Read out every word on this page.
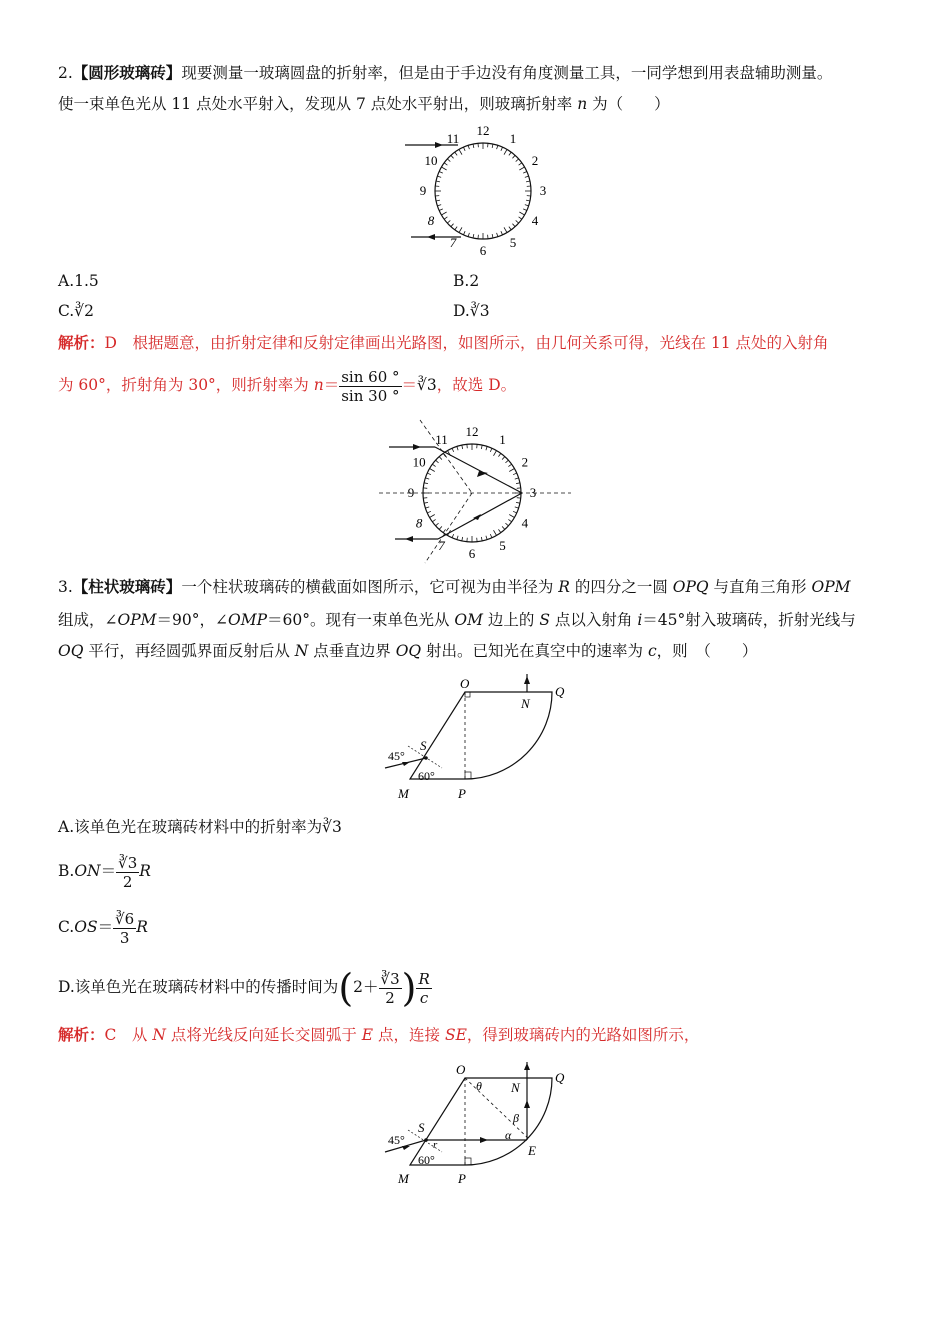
2.【圆形玻璃砖】现要测量一玻璃圆盘的折射率，但是由于手边没有角度测量工具，一同学想到用表盘辅助测量。
使一束单色光从 11 点处水平射入，发现从 7 点处水平射出，则玻璃折射率 n 为（　　）
12
1
2
3
4
5
6
7
8
9
10
11
A.1.5	B.2
C.∛2	D.∛3
解析：D　 根据题意，由折射定律和反射定律画出光路图，如图所示，由几何关系可得，光线在 11 点处的入射角
为 60°，折射角为 30°，则折射率为 $n= \frac{\sin 60 ^\circ}{\sin 30 ^\circ}$ ＝∛3，故选 D。
12
1
2
3
4
5
6
7
8
9
10
11
3.【柱状玻璃砖】一个柱状玻璃砖的横截面如图所示，它可视为由半径为 R 的四分之一圆 OPQ 与直角三角形 OPM
组成，∠OPM＝90°，∠OMP＝60°。现有一束单色光从 OM 边上的 S 点以入射角 i＝45°射入玻璃砖，折射光线与
OQ 平行，再经圆弧界面反射后从 N 点垂直边界 OQ 射出。已知光在真空中的速率为 c，则　（　　）
O
Q
N
S
45°
60°
M	P
A.该单色光在玻璃砖材料中的折射率为∛3
$B.ON= \frac{∛3}{2}$ R
$C.OS= \frac{∛6}{3}$ R
D.该单色光在玻璃砖材料中的传播时间为($2+ \frac{∛3}{2}$ ) $\frac{R}{c}$
解析：C　 从 N 点将光线反向延长交圆弧于 E 点，连接 SE，得到玻璃砖内的光路如图所示，
O
Q
N
θ
β
α
E
S
r
45°
60°
M	P
